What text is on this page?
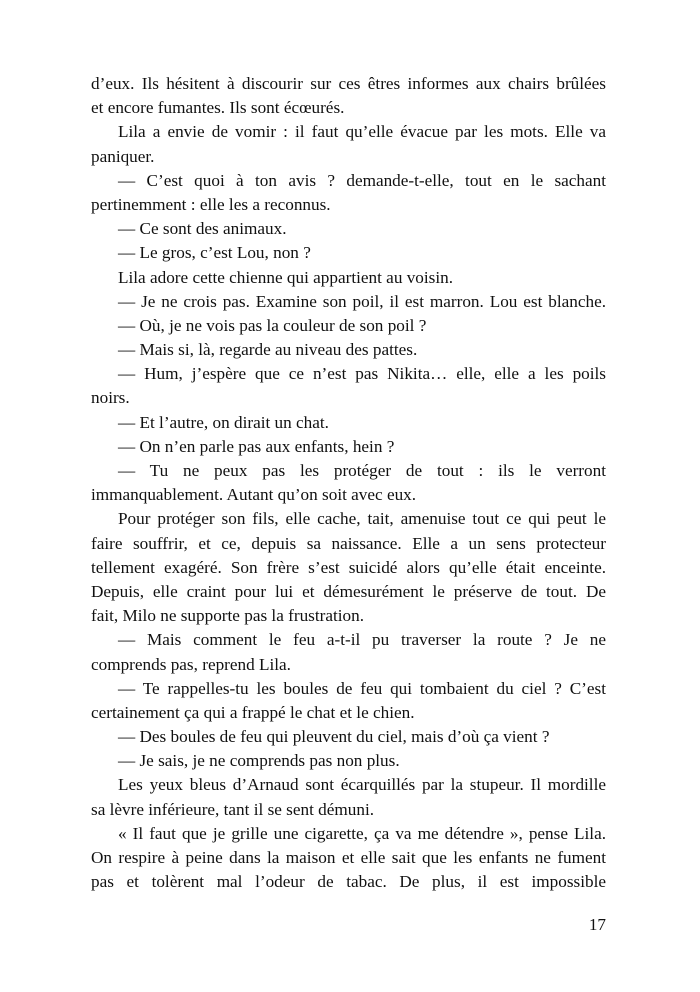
d’eux. Ils hésitent à discourir sur ces êtres informes aux chairs brûlées
et encore fumantes. Ils sont écœurés.
Lila a envie de vomir : il faut qu’elle évacue par les mots. Elle va
paniquer.
— C’est quoi à ton avis ? demande-t-elle, tout en le sachant
pertinemment : elle les a reconnus.
— Ce sont des animaux.
— Le gros, c’est Lou, non ?
Lila adore cette chienne qui appartient au voisin.
— Je ne crois pas. Examine son poil, il est marron. Lou est blanche.
— Où, je ne vois pas la couleur de son poil ?
— Mais si, là, regarde au niveau des pattes.
— Hum, j’espère que ce n’est pas Nikita… elle, elle a les poils
noirs.
— Et l’autre, on dirait un chat.
— On n’en parle pas aux enfants, hein ?
— Tu ne peux pas les protéger de tout : ils le verront
immanquablement. Autant qu’on soit avec eux.
Pour protéger son fils, elle cache, tait, amenuise tout ce qui peut le
faire souffrir, et ce, depuis sa naissance. Elle a un sens protecteur
tellement exagéré. Son frère s’est suicidé alors qu’elle était enceinte.
Depuis, elle craint pour lui et démesurément le préserve de tout. De
fait, Milo ne supporte pas la frustration.
— Mais comment le feu a-t-il pu traverser la route ? Je ne
comprends pas, reprend Lila.
— Te rappelles-tu les boules de feu qui tombaient du ciel ? C’est
certainement ça qui a frappé le chat et le chien.
— Des boules de feu qui pleuvent du ciel, mais d’où ça vient ?
— Je sais, je ne comprends pas non plus.
Les yeux bleus d’Arnaud sont écarquillés par la stupeur. Il mordille
sa lèvre inférieure, tant il se sent démuni.
« Il faut que je grille une cigarette, ça va me détendre », pense Lila.
On respire à peine dans la maison et elle sait que les enfants ne fument
pas et tolèrent mal l’odeur de tabac. De plus, il est impossible
17
